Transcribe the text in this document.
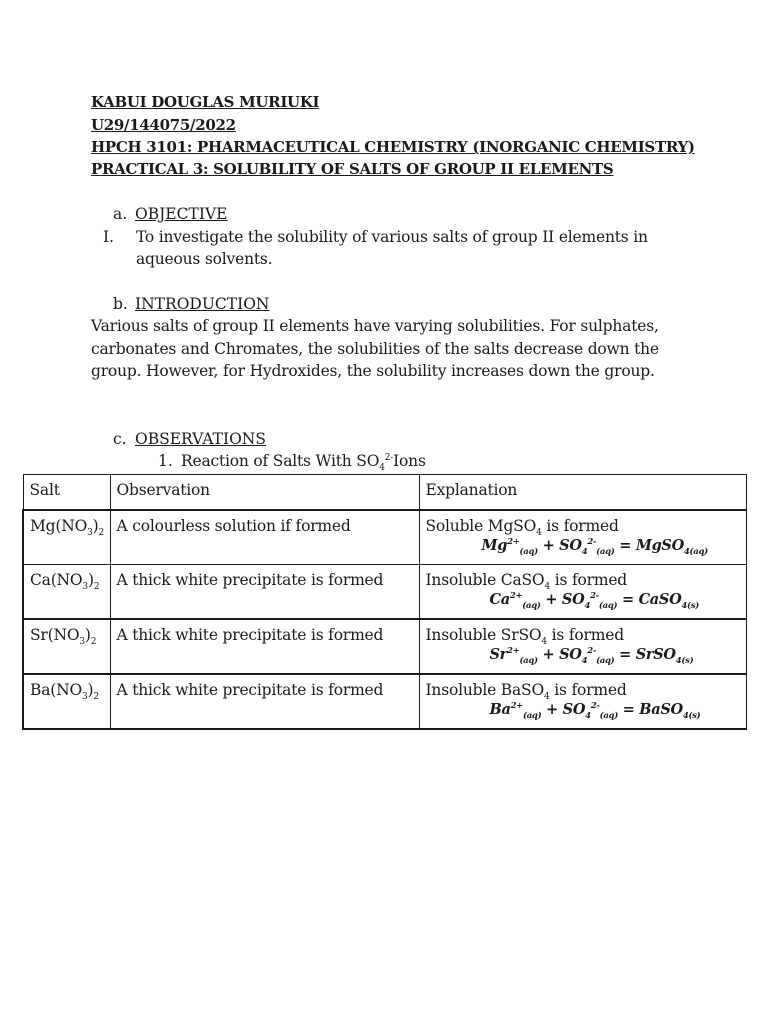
KABUI DOUGLAS MURIUKI
U29/144075/2022
HPCH 3101: PHARMACEUTICAL CHEMISTRY (INORGANIC CHEMISTRY)
PRACTICAL 3: SOLUBILITY OF SALTS OF GROUP II ELEMENTS
a. OBJECTIVE
I. To investigate the solubility of various salts of group II elements in
aqueous solvents.
b. INTRODUCTION
Various salts of group II elements have varying solubilities. For sulphates,
carbonates and Chromates, the solubilities of the salts decrease down the
group. However, for Hydroxides, the solubility increases down the group.
c. OBSERVATIONS
1. Reaction of Salts With $SO_4^{2-}Ions$
Salt	Observation	Explanation
$Mg(NO_3)_2$	A colourless solution if formed	Soluble MgSO$_4$ is formed
$Mg^{2+}_{(aq)} + SO_4^{2-}_{(aq)}$ = MgSO$_{4(aq)}$

$Ca(NO_3)_2$	A thick white precipitate is formed	Insoluble CaSO$_4$ is formed
$Ca^{2+}_{(aq)} + SO_4^{2-}_{(aq)}$ = CaSO$_{4(s)}$

$Sr(NO_3)_2$	A thick white precipitate is formed	Insoluble SrSO$_4$ is formed
$Sr^{2+}_{(aq)} + SO_4^{2-}_{(aq)}$ = SrSO$_{4(s)}$

$Ba(NO_3)_2$	A thick white precipitate is formed	Insoluble BaSO$_4$ is formed
$Ba^{2+}_{(aq)} + SO_4^{2-}_{(aq)}$ = BaSO$_{4(s)}$
